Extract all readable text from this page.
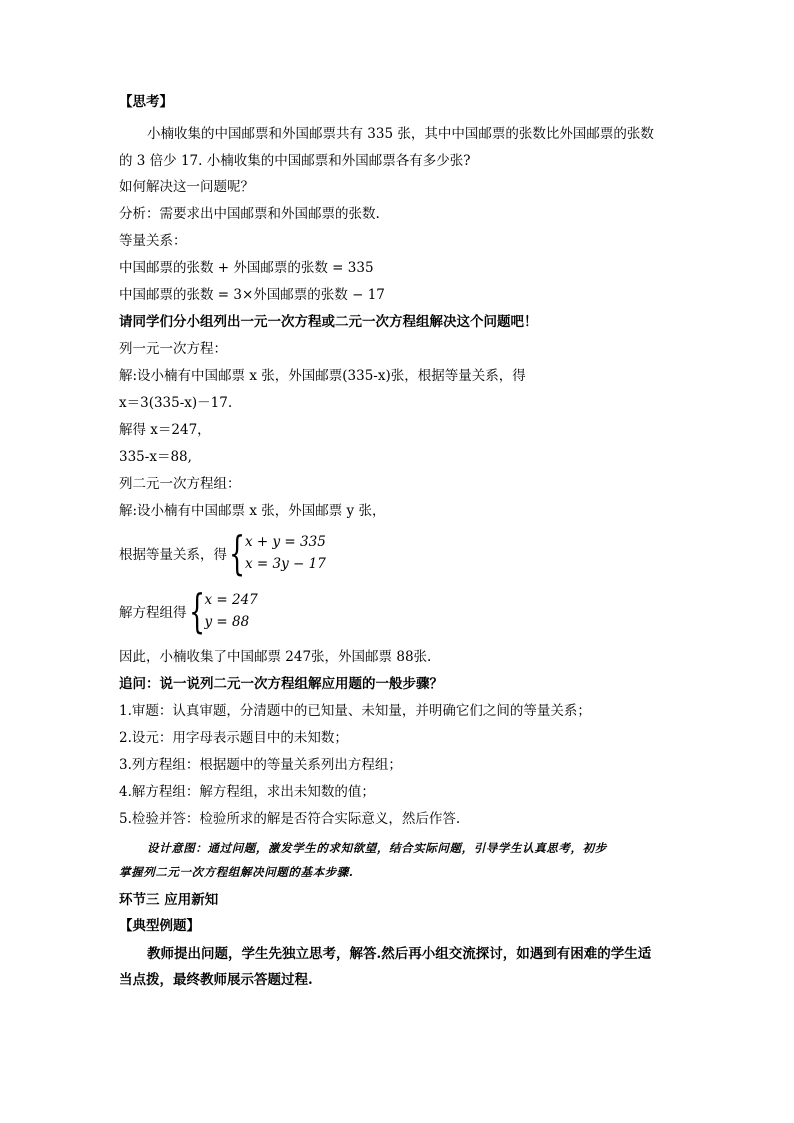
【思考】
小楠收集的中国邮票和外国邮票共有 335 张，其中中国邮票的张数比外国邮票的张数
的 3 倍少 17. 小楠收集的中国邮票和外国邮票各有多少张?
如何解决这一问题呢？
分析：需要求出中国邮票和外国邮票的张数.
等量关系：
中国邮票的张数 + 外国邮票的张数 = 335
中国邮票的张数 = 3×外国邮票的张数 − 17
请同学们分小组列出一元一次方程或二元一次方程组解决这个问题吧！
列一元一次方程：
解:设小楠有中国邮票 x 张，外国邮票(335-x)张，根据等量关系，得
x＝3(335-x)－17.
解得 x＝247，
335-x＝88,
列二元一次方程组：
解:设小楠有中国邮票 x 张，外国邮票 y 张，
根据等量关系，得 { x + y = 335
x = 3y − 17
解方程组得 { x = 247
y = 88
因此，小楠收集了中国邮票 247张，外国邮票 88张.
追问：说一说列二元一次方程组解应用题的一般步骤？
1.审题：认真审题，分清题中的已知量、未知量，并明确它们之间的等量关系；
2.设元：用字母表示题目中的未知数；
3.列方程组：根据题中的等量关系列出方程组；
4.解方程组：解方程组，求出未知数的值；
5.检验并答：检验所求的解是否符合实际意义，然后作答.
设计意图：通过问题，激发学生的求知欲望，结合实际问题，引导学生认真思考，初步
掌握列二元一次方程组解决问题的基本步骤.
环节三 应用新知
【典型例题】
教师提出问题，学生先独立思考，解答.然后再小组交流探讨，如遇到有困难的学生适
当点拨，最终教师展示答题过程.
